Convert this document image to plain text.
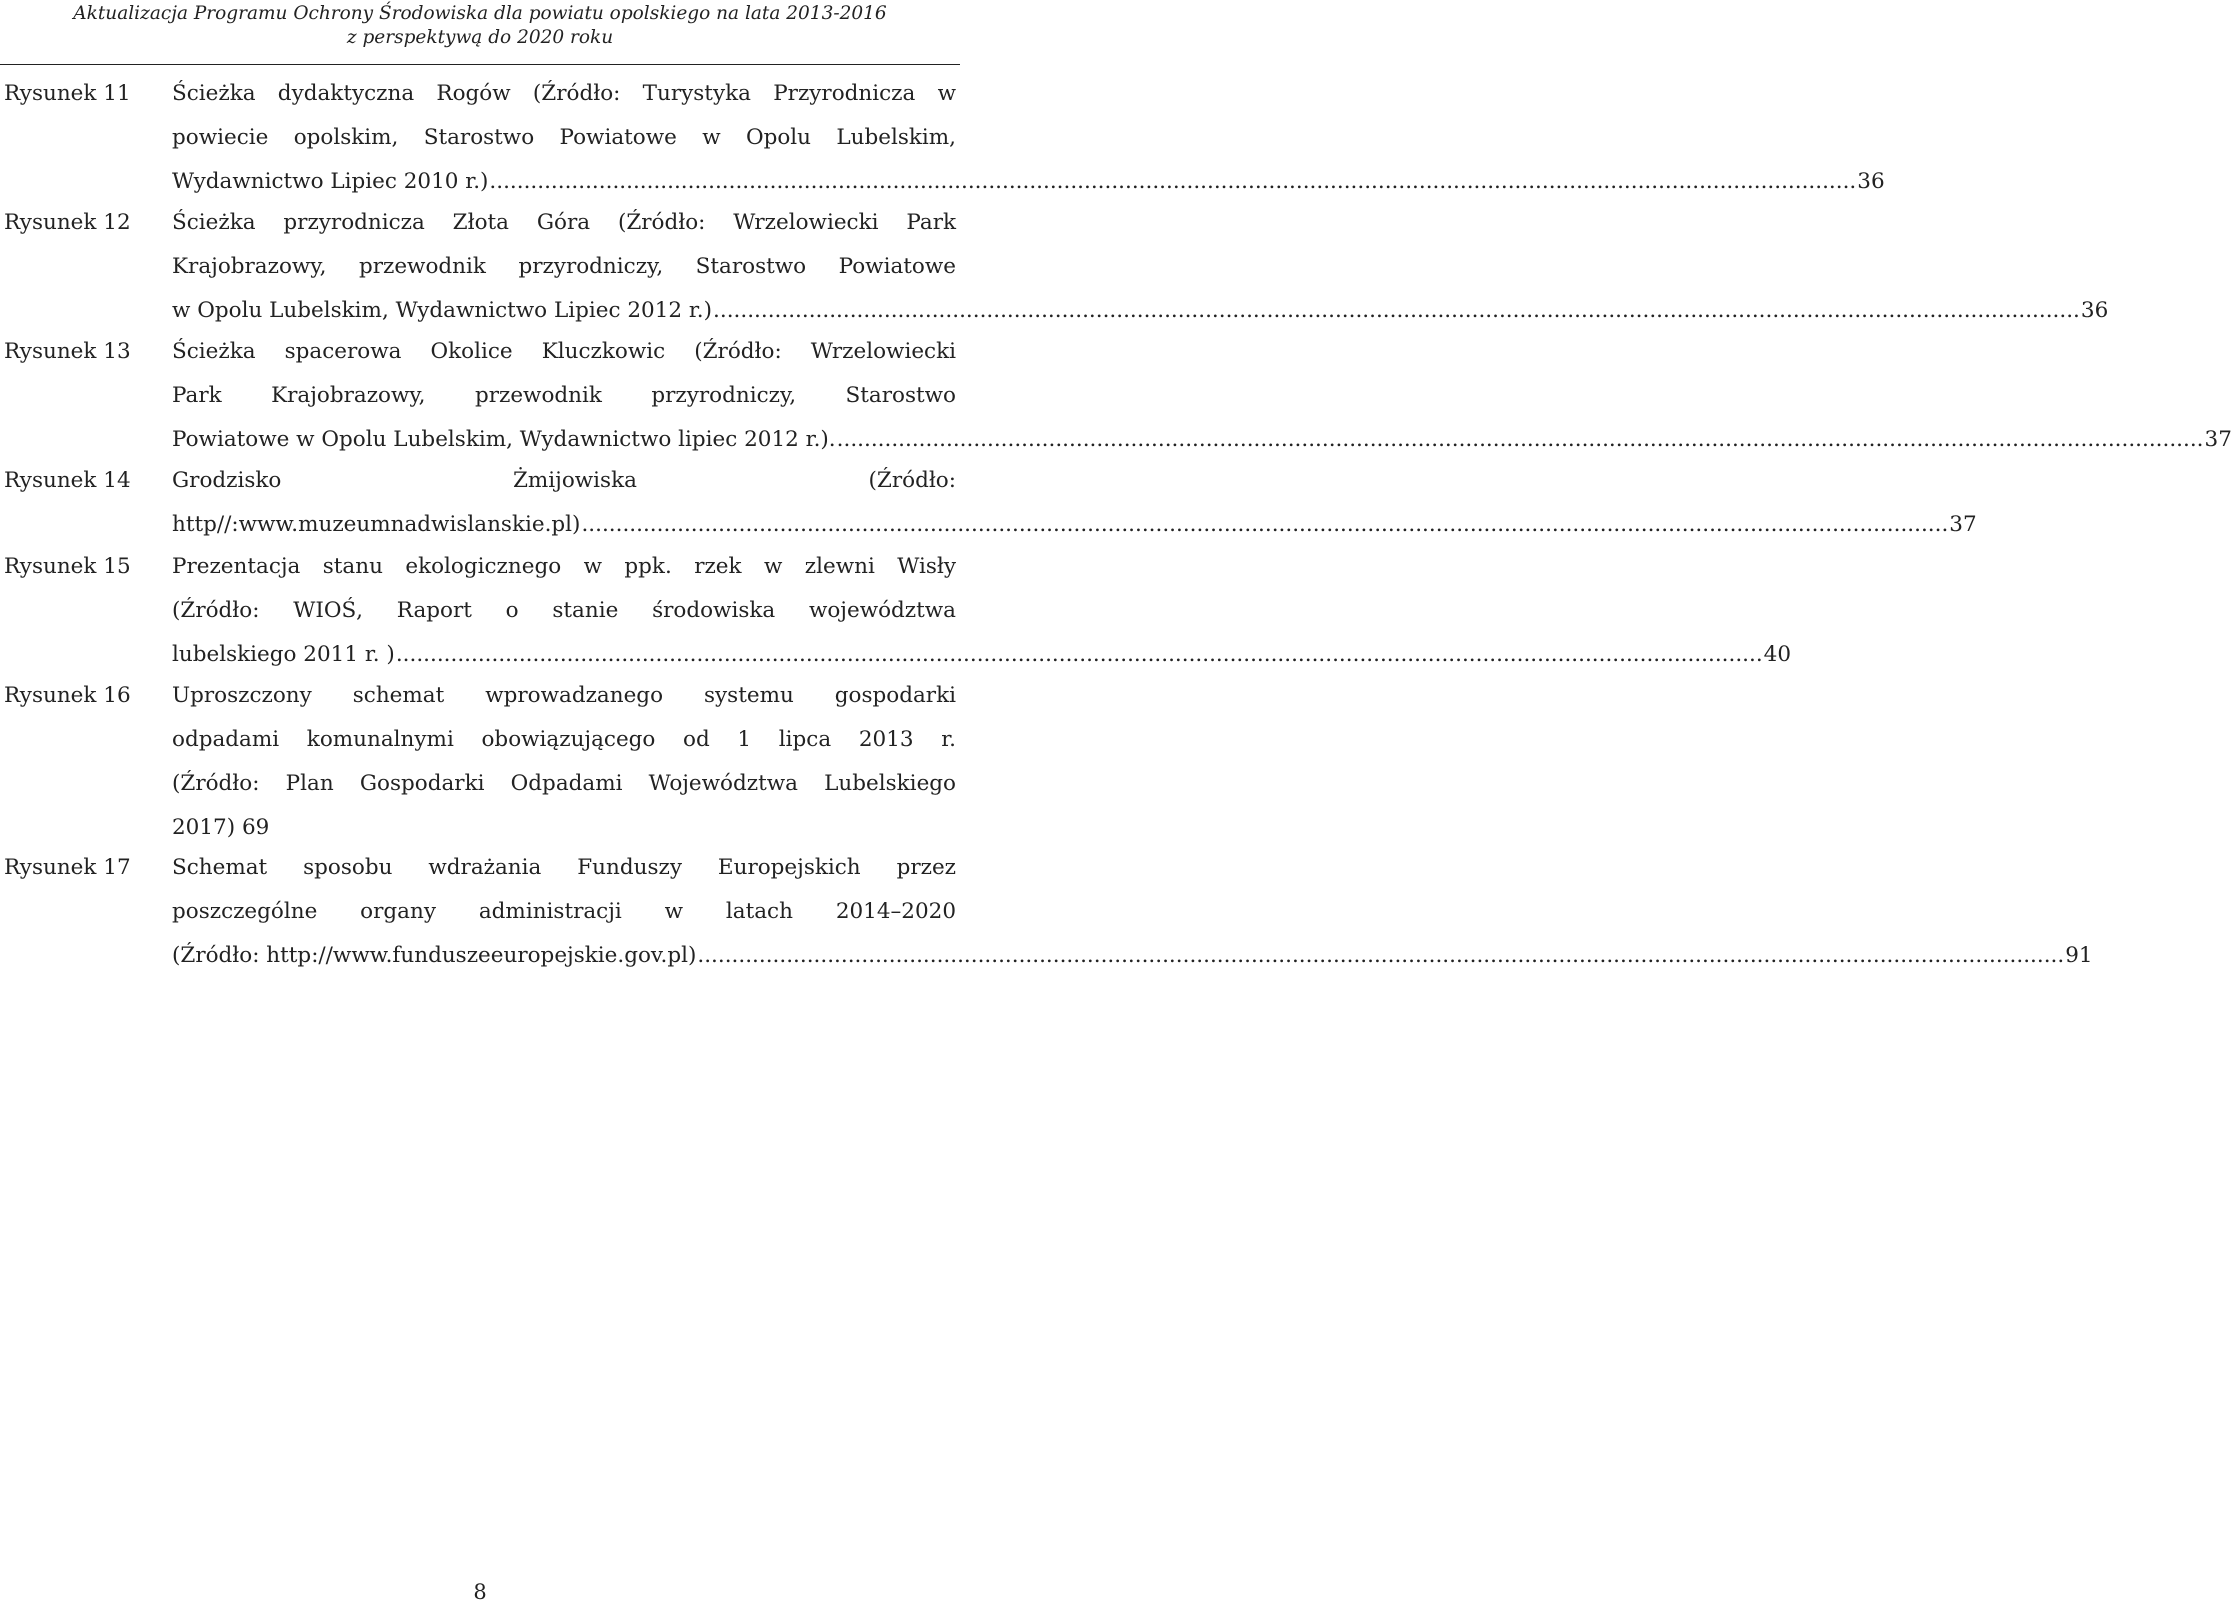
Aktualizacja Programu Ochrony Środowiska dla powiatu opolskiego na lata 2013-2016
z perspektywą do 2020 roku
Rysunek 11 Ścieżka dydaktyczna Rogów (Źródło: Turystyka Przyrodnicza w
powiecie opolskim, Starostwo Powiatowe w Opolu Lubelskim,
Wydawnictwo Lipiec 2010 r.) ........................................................................................................................................................................................................ 36
Rysunek 12 Ścieżka przyrodnicza Złota Góra (Źródło: Wrzelowiecki Park
Krajobrazowy, przewodnik przyrodniczy, Starostwo Powiatowe
w Opolu Lubelskim, Wydawnictwo Lipiec 2012 r.) ........................................................................................................................................................................................................ 36
Rysunek 13 Ścieżka spacerowa Okolice Kluczkowic (Źródło: Wrzelowiecki
Park Krajobrazowy, przewodnik przyrodniczy, Starostwo
Powiatowe w Opolu Lubelskim, Wydawnictwo lipiec 2012 r.). ........................................................................................................................................................................................................ 37
Rysunek 14 Grodzisko Żmijowiska (Źródło:
http//:www.muzeumnadwislanskie.pl) ........................................................................................................................................................................................................ 37
Rysunek 15 Prezentacja stanu ekologicznego w ppk. rzek w zlewni Wisły
(Źródło: WIOŚ, Raport o stanie środowiska województwa
lubelskiego 2011 r. ) ........................................................................................................................................................................................................ 40
Rysunek 16 Uproszczony schemat wprowadzanego systemu gospodarki
odpadami komunalnymi obowiązującego od 1 lipca 2013 r.
(Źródło: Plan Gospodarki Odpadami Województwa Lubelskiego
2017) 69
Rysunek 17 Schemat sposobu wdrażania Funduszy Europejskich przez
poszczególne organy administracji w latach 2014–2020
(Źródło: http://www.funduszeeuropejskie.gov.pl) ........................................................................................................................................................................................................ 91
8
